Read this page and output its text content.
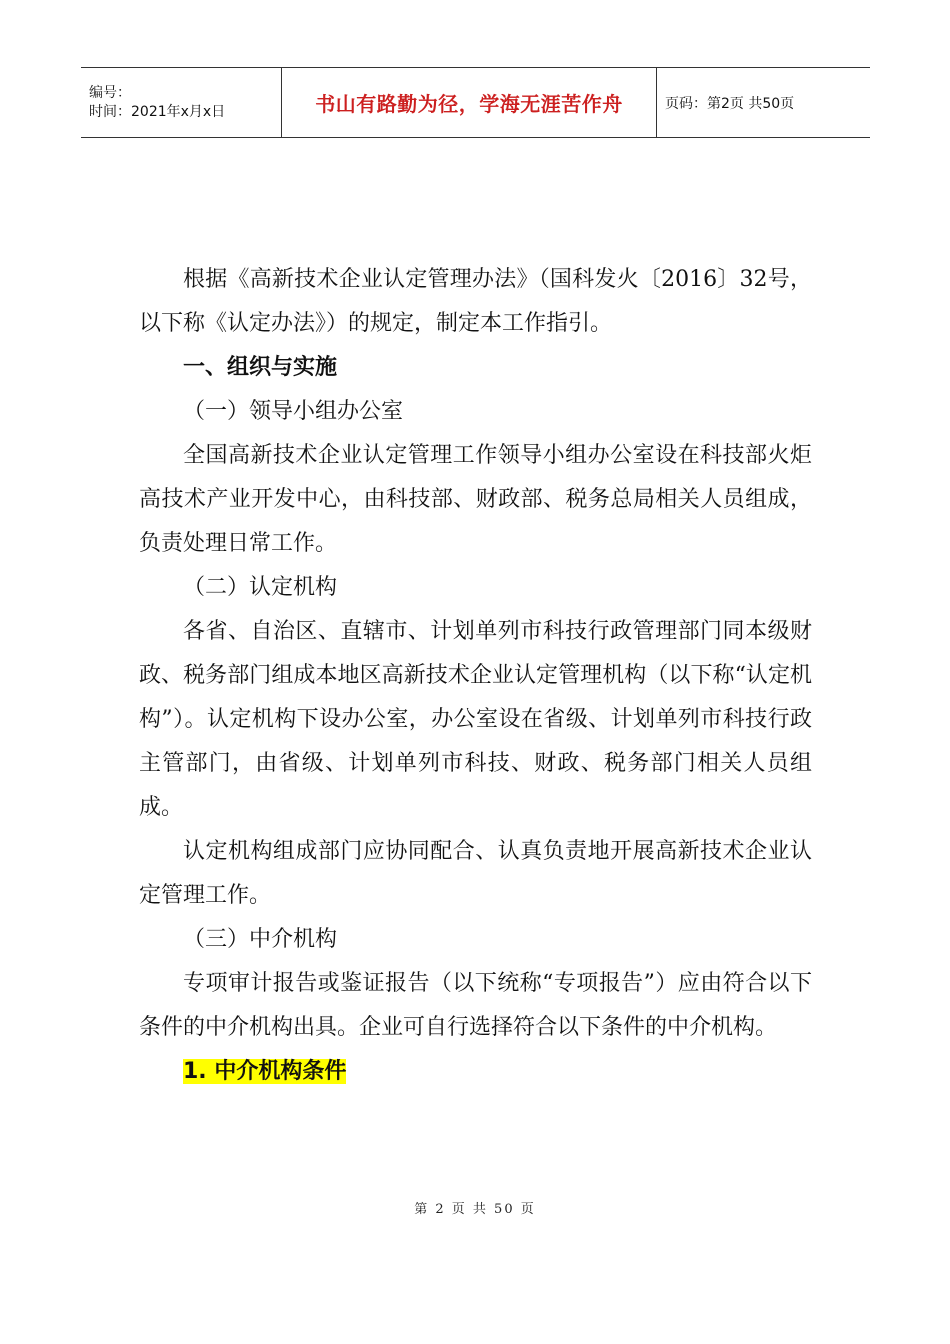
编号：
时间：2021年x月x日	书山有路勤为径，学海无涯苦作舟	页码：第2页 共50页

根据《高新技术企业认定管理办法》（国科发火〔2016〕32号，以下称《认定办法》）的规定，制定本工作指引。

一、组织与实施

（一）领导小组办公室

全国高新技术企业认定管理工作领导小组办公室设在科技部火炬高技术产业开发中心，由科技部、财政部、税务总局相关人员组成，负责处理日常工作。

（二）认定机构

各省、自治区、直辖市、计划单列市科技行政管理部门同本级财政、税务部门组成本地区高新技术企业认定管理机构（以下称“认定机构”）。认定机构下设办公室，办公室设在省级、计划单列市科技行政主管部门，由省级、计划单列市科技、财政、税务部门相关人员组成。

认定机构组成部门应协同配合、认真负责地开展高新技术企业认定管理工作。

（三）中介机构

专项审计报告或鉴证报告（以下统称“专项报告”）应由符合以下条件的中介机构出具。企业可自行选择符合以下条件的中介机构。

1. 中介机构条件

第 2 页 共 50 页
